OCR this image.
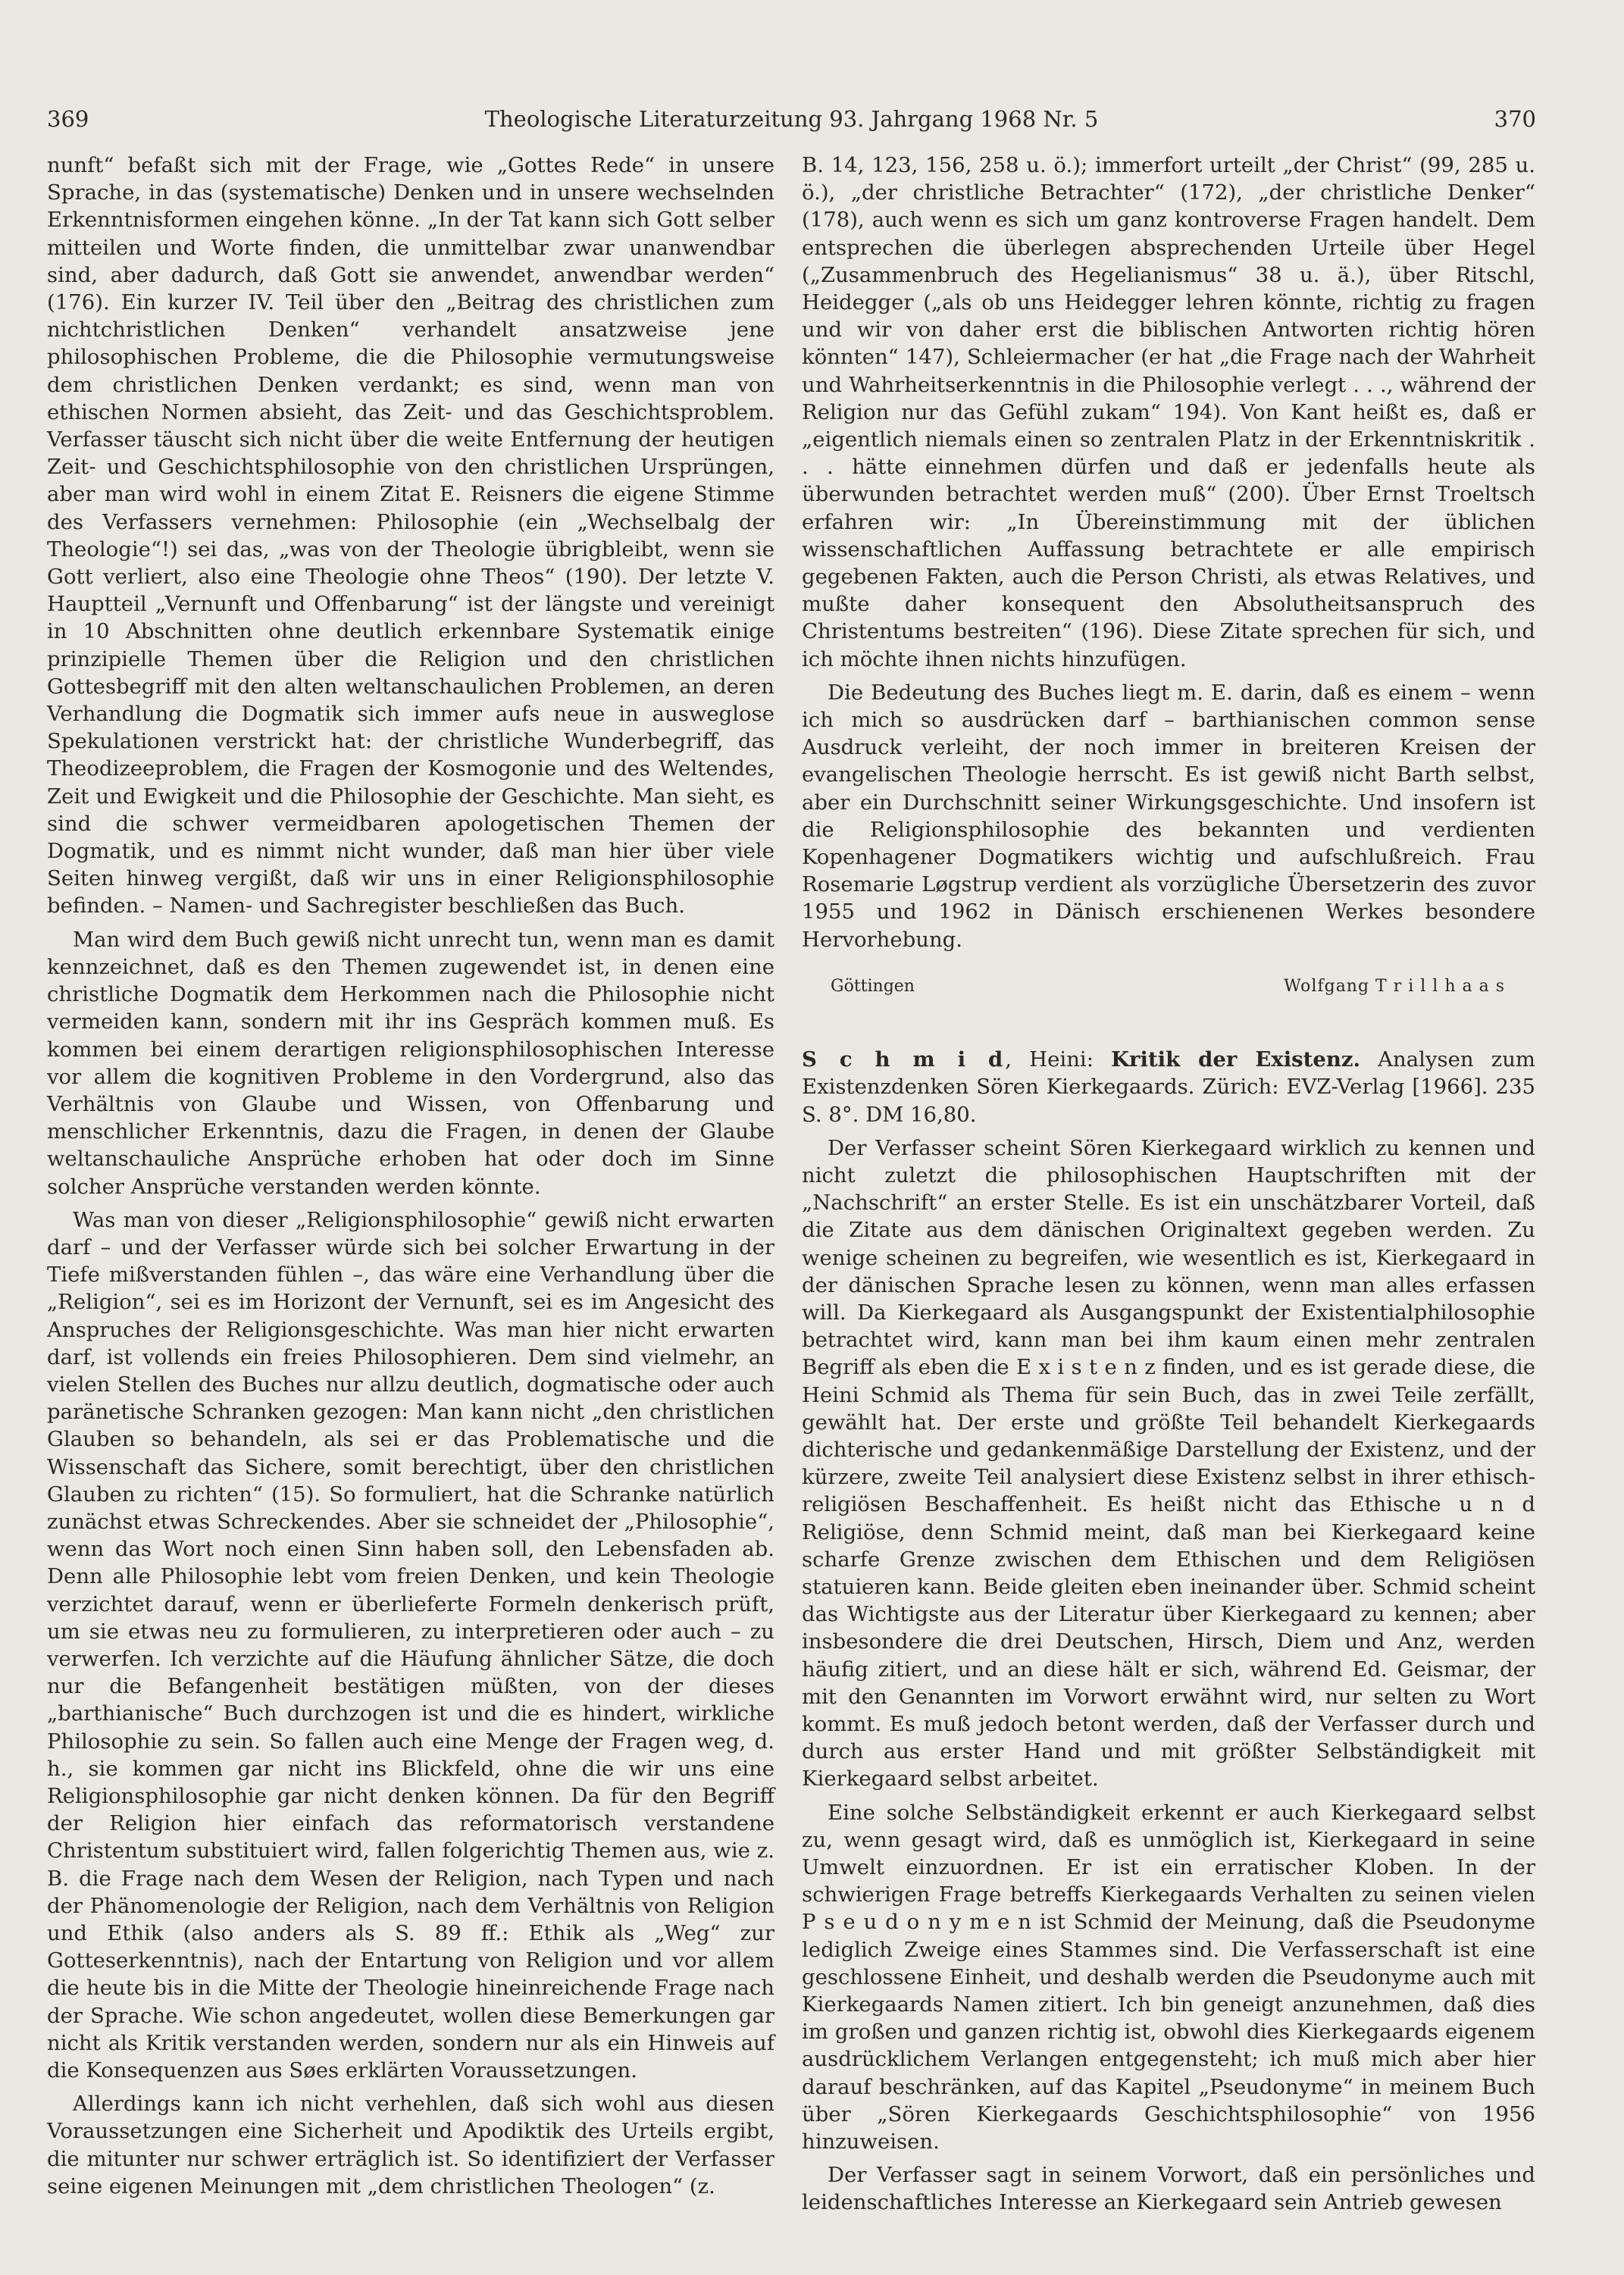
369	Theologische Literaturzeitung 93. Jahrgang 1968 Nr. 5	370

nunft“ befaßt sich mit der Frage, wie „Gottes Rede“ in unsere Sprache, in das (systematische) Denken und in unsere wechselnden Erkenntnisformen eingehen könne. „In der Tat kann sich Gott selber mitteilen und Worte finden, die unmittelbar zwar unanwendbar sind, aber dadurch, daß Gott sie anwendet, anwendbar werden“ (176). Ein kurzer IV. Teil über den „Beitrag des christlichen zum nichtchristlichen Denken“ verhandelt ansatzweise jene philosophischen Probleme, die die Philosophie vermutungsweise dem christlichen Denken verdankt; es sind, wenn man von ethischen Normen absieht, das Zeit- und das Geschichtsproblem. Verfasser täuscht sich nicht über die weite Entfernung der heutigen Zeit- und Geschichtsphilosophie von den christlichen Ursprüngen, aber man wird wohl in einem Zitat E. Reisners die eigene Stimme des Verfassers vernehmen: Philosophie (ein „Wechselbalg der Theologie“!) sei das, „was von der Theologie übrigbleibt, wenn sie Gott verliert, also eine Theologie ohne Theos“ (190). Der letzte V. Hauptteil „Vernunft und Offenbarung“ ist der längste und vereinigt in 10 Abschnitten ohne deutlich erkennbare Systematik einige prinzipielle Themen über die Religion und den christlichen Gottesbegriff mit den alten weltanschaulichen Problemen, an deren Verhandlung die Dogmatik sich immer aufs neue in ausweglose Spekulationen verstrickt hat: der christliche Wunderbegriff, das Theodizeeproblem, die Fragen der Kosmogonie und des Weltendes, Zeit und Ewigkeit und die Philosophie der Geschichte. Man sieht, es sind die schwer vermeidbaren apologetischen Themen der Dogmatik, und es nimmt nicht wunder, daß man hier über viele Seiten hinweg vergißt, daß wir uns in einer Religionsphilosophie befinden. – Namen- und Sachregister beschließen das Buch.

Man wird dem Buch gewiß nicht unrecht tun, wenn man es damit kennzeichnet, daß es den Themen zugewendet ist, in denen eine christliche Dogmatik dem Herkommen nach die Philosophie nicht vermeiden kann, sondern mit ihr ins Gespräch kommen muß. Es kommen bei einem derartigen religionsphilosophischen Interesse vor allem die kognitiven Probleme in den Vordergrund, also das Verhältnis von Glaube und Wissen, von Offenbarung und menschlicher Erkenntnis, dazu die Fragen, in denen der Glaube weltanschauliche Ansprüche erhoben hat oder doch im Sinne solcher Ansprüche verstanden werden könnte.

Was man von dieser „Religionsphilosophie“ gewiß nicht erwarten darf – und der Verfasser würde sich bei solcher Erwartung in der Tiefe mißverstanden fühlen –, das wäre eine Verhandlung über die „Religion“, sei es im Horizont der Vernunft, sei es im Angesicht des Anspruches der Religionsgeschichte. Was man hier nicht erwarten darf, ist vollends ein freies Philosophieren. Dem sind vielmehr, an vielen Stellen des Buches nur allzu deutlich, dogmatische oder auch paränetische Schranken gezogen: Man kann nicht „den christlichen Glauben so behandeln, als sei er das Problematische und die Wissenschaft das Sichere, somit berechtigt, über den christlichen Glauben zu richten“ (15). So formuliert, hat die Schranke natürlich zunächst etwas Schreckendes. Aber sie schneidet der „Philosophie“, wenn das Wort noch einen Sinn haben soll, den Lebensfaden ab. Denn alle Philosophie lebt vom freien Denken, und kein Theologie verzichtet darauf, wenn er überlieferte Formeln denkerisch prüft, um sie etwas neu zu formulieren, zu interpretieren oder auch – zu verwerfen. Ich verzichte auf die Häufung ähnlicher Sätze, die doch nur die Befangenheit bestätigen müßten, von der dieses „barthianische“ Buch durchzogen ist und die es hindert, wirkliche Philosophie zu sein. So fallen auch eine Menge der Fragen weg, d. h., sie kommen gar nicht ins Blickfeld, ohne die wir uns eine Religionsphilosophie gar nicht denken können. Da für den Begriff der Religion hier einfach das reformatorisch verstandene Christentum substituiert wird, fallen folgerichtig Themen aus, wie z. B. die Frage nach dem Wesen der Religion, nach Typen und nach der Phänomenologie der Religion, nach dem Verhältnis von Religion und Ethik (also anders als S. 89 ff.: Ethik als „Weg“ zur Gotteserkenntnis), nach der Entartung von Religion und vor allem die heute bis in die Mitte der Theologie hineinreichende Frage nach der Sprache. Wie schon angedeutet, wollen diese Bemerkungen gar nicht als Kritik verstanden werden, sondern nur als ein Hinweis auf die Konsequenzen aus Søes erklärten Voraussetzungen.

Allerdings kann ich nicht verhehlen, daß sich wohl aus diesen Voraussetzungen eine Sicherheit und Apodiktik des Urteils ergibt, die mitunter nur schwer erträglich ist. So identifiziert der Verfasser seine eigenen Meinungen mit „dem christlichen Theologen“ (z.

B. 14, 123, 156, 258 u. ö.); immerfort urteilt „der Christ“ (99, 285 u. ö.), „der christliche Betrachter“ (172), „der christliche Denker“ (178), auch wenn es sich um ganz kontroverse Fragen handelt. Dem entsprechen die überlegen absprechenden Urteile über Hegel („Zusammenbruch des Hegelianismus“ 38 u. ä.), über Ritschl, Heidegger („als ob uns Heidegger lehren könnte, richtig zu fragen und wir von daher erst die biblischen Antworten richtig hören könnten“ 147), Schleiermacher (er hat „die Frage nach der Wahrheit und Wahrheitserkenntnis in die Philosophie verlegt . . ., während der Religion nur das Gefühl zukam“ 194). Von Kant heißt es, daß er „eigentlich niemals einen so zentralen Platz in der Erkenntniskritik . . . hätte einnehmen dürfen und daß er jedenfalls heute als überwunden betrachtet werden muß“ (200). Über Ernst Troeltsch erfahren wir: „In Übereinstimmung mit der üblichen wissenschaftlichen Auffassung betrachtete er alle empirisch gegebenen Fakten, auch die Person Christi, als etwas Relatives, und mußte daher konsequent den Absolutheitsanspruch des Christentums bestreiten“ (196). Diese Zitate sprechen für sich, und ich möchte ihnen nichts hinzufügen.

Die Bedeutung des Buches liegt m. E. darin, daß es einem – wenn ich mich so ausdrücken darf – barthianischen common sense Ausdruck verleiht, der noch immer in breiteren Kreisen der evangelischen Theologie herrscht. Es ist gewiß nicht Barth selbst, aber ein Durchschnitt seiner Wirkungsgeschichte. Und insofern ist die Religionsphilosophie des bekannten und verdienten Kopenhagener Dogmatikers wichtig und aufschlußreich. Frau Rosemarie Løgstrup verdient als vorzügliche Übersetzerin des zuvor 1955 und 1962 in Dänisch erschienenen Werkes besondere Hervorhebung.

Göttingen	Wolfgang T r i l l h a a s

S c h m i d, Heini: Kritik der Existenz. Analysen zum Existenzdenken Sören Kierkegaards. Zürich: EVZ-Verlag [1966]. 235 S. 8°. DM 16,80.

Der Verfasser scheint Sören Kierkegaard wirklich zu kennen und nicht zuletzt die philosophischen Hauptschriften mit der „Nachschrift“ an erster Stelle. Es ist ein unschätzbarer Vorteil, daß die Zitate aus dem dänischen Originaltext gegeben werden. Zu wenige scheinen zu begreifen, wie wesentlich es ist, Kierkegaard in der dänischen Sprache lesen zu können, wenn man alles erfassen will. Da Kierkegaard als Ausgangspunkt der Existentialphilosophie betrachtet wird, kann man bei ihm kaum einen mehr zentralen Begriff als eben die E x i s t e n z finden, und es ist gerade diese, die Heini Schmid als Thema für sein Buch, das in zwei Teile zerfällt, gewählt hat. Der erste und größte Teil behandelt Kierkegaards dichterische und gedankenmäßige Darstellung der Existenz, und der kürzere, zweite Teil analysiert diese Existenz selbst in ihrer ethisch-religiösen Beschaffenheit. Es heißt nicht das Ethische u n d Religiöse, denn Schmid meint, daß man bei Kierkegaard keine scharfe Grenze zwischen dem Ethischen und dem Religiösen statuieren kann. Beide gleiten eben ineinander über. Schmid scheint das Wichtigste aus der Literatur über Kierkegaard zu kennen; aber insbesondere die drei Deutschen, Hirsch, Diem und Anz, werden häufig zitiert, und an diese hält er sich, während Ed. Geismar, der mit den Genannten im Vorwort erwähnt wird, nur selten zu Wort kommt. Es muß jedoch betont werden, daß der Verfasser durch und durch aus erster Hand und mit größter Selbständigkeit mit Kierkegaard selbst arbeitet.

Eine solche Selbständigkeit erkennt er auch Kierkegaard selbst zu, wenn gesagt wird, daß es unmöglich ist, Kierkegaard in seine Umwelt einzuordnen. Er ist ein erratischer Kloben. In der schwierigen Frage betreffs Kierkegaards Verhalten zu seinen vielen P s e u d o n y m e n ist Schmid der Meinung, daß die Pseudonyme lediglich Zweige eines Stammes sind. Die Verfasserschaft ist eine geschlossene Einheit, und deshalb werden die Pseudonyme auch mit Kierkegaards Namen zitiert. Ich bin geneigt anzunehmen, daß dies im großen und ganzen richtig ist, obwohl dies Kierkegaards eigenem ausdrücklichem Verlangen entgegensteht; ich muß mich aber hier darauf beschränken, auf das Kapitel „Pseudonyme“ in meinem Buch über „Sören Kierkegaards Geschichtsphilosophie“ von 1956 hinzuweisen.

Der Verfasser sagt in seinem Vorwort, daß ein persönliches und leidenschaftliches Interesse an Kierkegaard sein Antrieb gewesen
